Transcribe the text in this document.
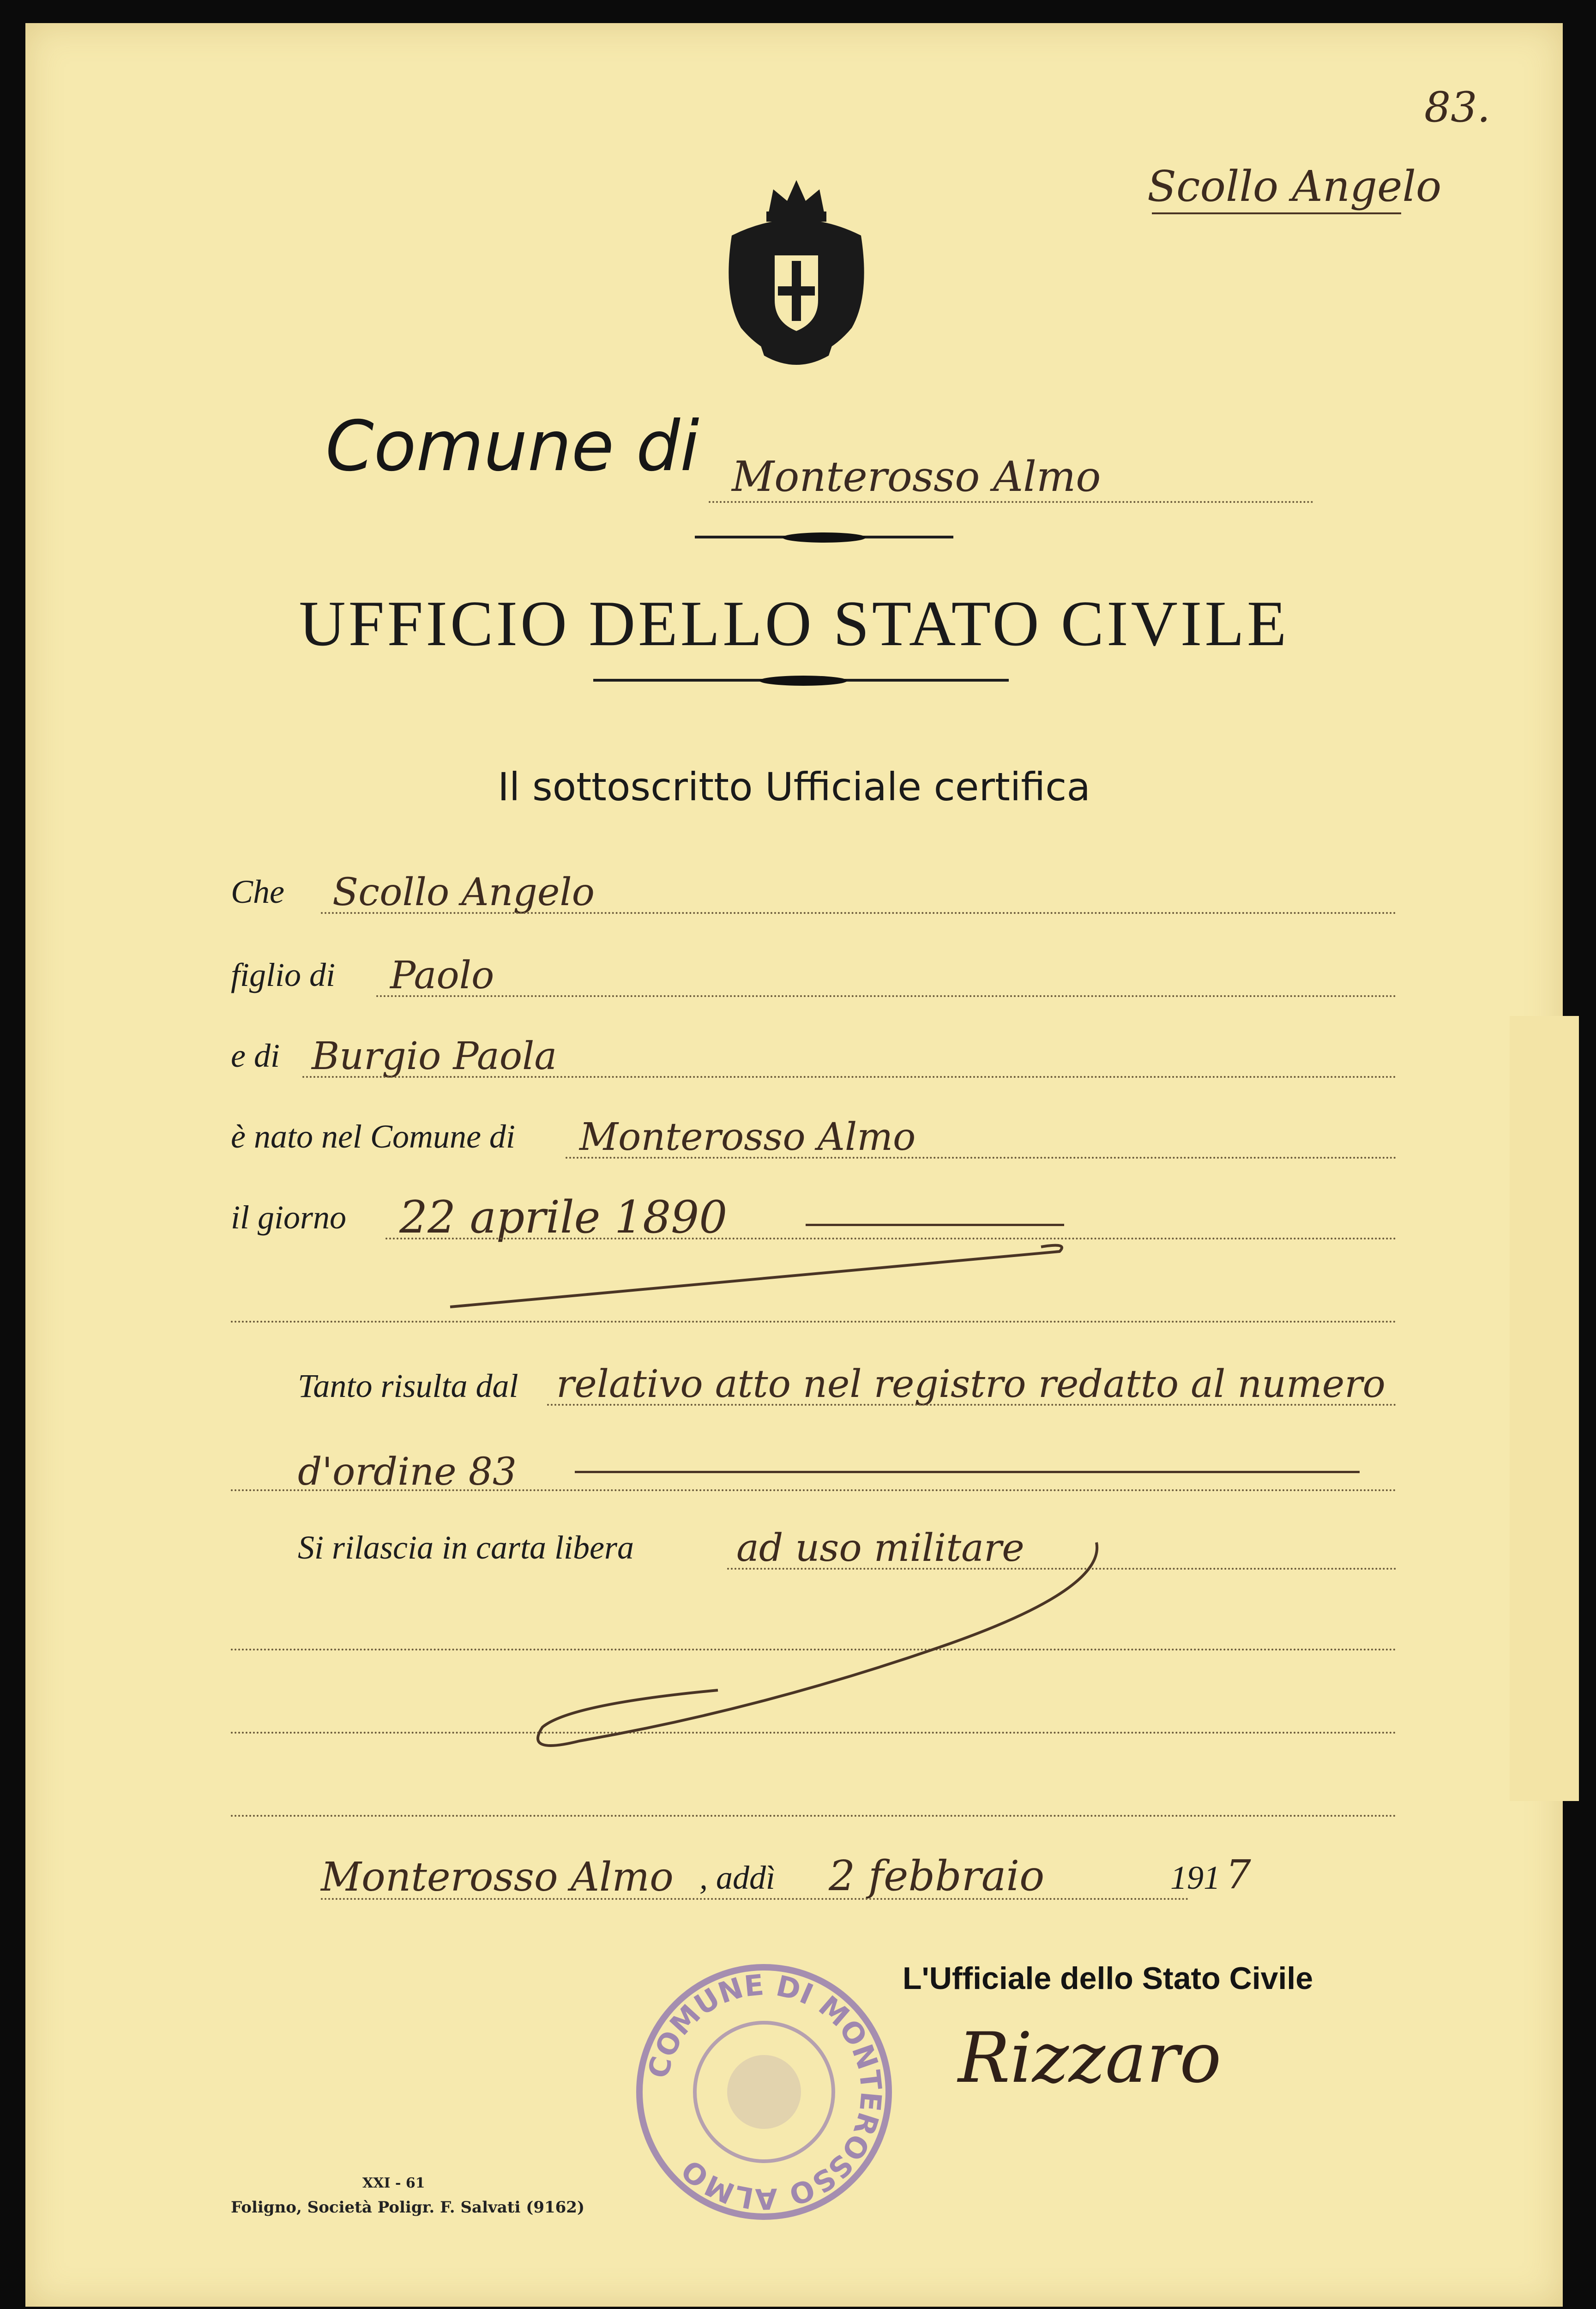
83.
Scollo Angelo
Comune di Monterosso Almo
UFFICIO DELLO STATO CIVILE
Il sottoscritto Ufficiale certifica
Che Scollo Angelo
figlio di Paolo
e di Burgio Paola
è nato nel Comune di Monterosso Almo
il giorno 22 aprile 1890
Tanto risulta dal relativo atto nel registro redatto al numero
d'ordine 83
Si rilascia in carta libera	ad uso militare
Monterosso Almo , addì 2 febbraio	191 7
L'Ufficiale dello Stato Civile
Rizzaro
COMUNE DI MONTEROSSO ALMO
XXI - 61
Foligno, Società Poligr. F. Salvati (9162)
